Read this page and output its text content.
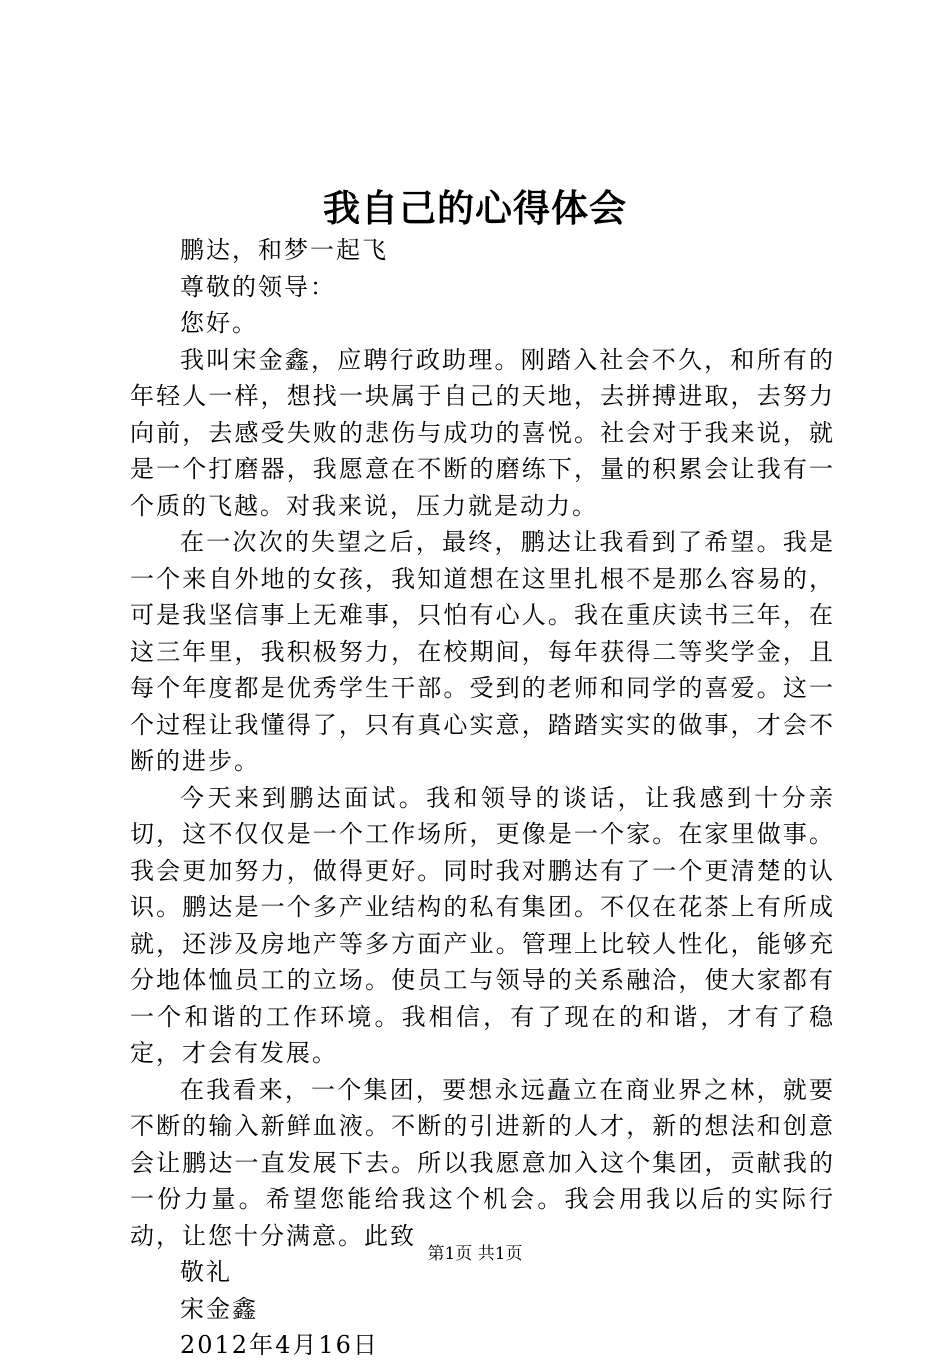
我自己的心得体会

鹏达，和梦一起飞

尊敬的领导：

您好。

我叫宋金鑫，应聘行政助理。刚踏入社会不久，和所有的年轻人一样，想找一块属于自己的天地，去拼搏进取，去努力向前，去感受失败的悲伤与成功的喜悦。社会对于我来说，就是一个打磨器，我愿意在不断的磨练下，量的积累会让我有一个质的飞越。对我来说，压力就是动力。

在一次次的失望之后，最终，鹏达让我看到了希望。我是一个来自外地的女孩，我知道想在这里扎根不是那么容易的，可是我坚信事上无难事，只怕有心人。我在重庆读书三年，在这三年里，我积极努力，在校期间，每年获得二等奖学金，且每个年度都是优秀学生干部。受到的老师和同学的喜爱。这一个过程让我懂得了，只有真心实意，踏踏实实的做事，才会不断的进步。

今天来到鹏达面试。我和领导的谈话，让我感到十分亲切，这不仅仅是一个工作场所，更像是一个家。在家里做事。我会更加努力，做得更好。同时我对鹏达有了一个更清楚的认识。鹏达是一个多产业结构的私有集团。不仅在花茶上有所成就，还涉及房地产等多方面产业。管理上比较人性化，能够充分地体恤员工的立场。使员工与领导的关系融洽，使大家都有一个和谐的工作环境。我相信，有了现在的和谐，才有了稳定，才会有发展。

在我看来，一个集团，要想永远矗立在商业界之林，就要不断的输入新鲜血液。不断的引进新的人才，新的想法和创意会让鹏达一直发展下去。所以我愿意加入这个集团，贡献我的一份力量。希望您能给我这个机会。我会用我以后的实际行动，让您十分满意。此致

敬礼

宋金鑫

2012年4月16日

第1页 共1页
